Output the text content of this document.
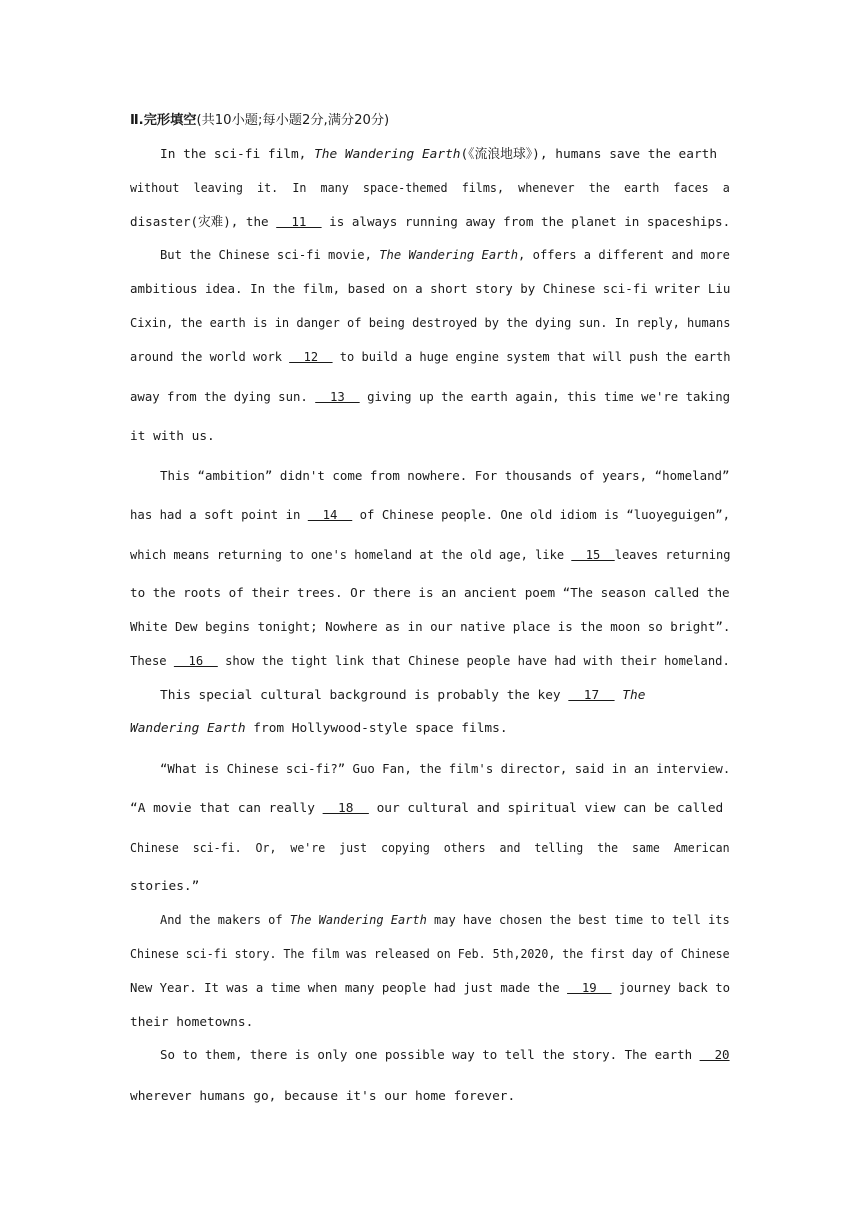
Ⅱ.完形填空(共10小题;每小题2分,满分20分)
In the sci-fi film, The Wandering Earth(《流浪地球》), humans save the earth
without  leaving  it.  In  many  space-themed  films,  whenever  the  earth  faces  a
disaster(灾难), the   11   is always running away from the planet in spaceships.
But the Chinese sci-fi movie, The Wandering Earth, offers a different and more
ambitious idea. In the film, based on a short story by Chinese sci-fi writer Liu
Cixin, the earth is in danger of being destroyed by the dying sun. In reply, humans
around the world work   12   to build a huge engine system that will push the earth
away from the dying sun.   13   giving up the earth again, this time we're taking
it with us.
This “ambition” didn't come from nowhere. For thousands of years, “homeland”
has had a soft point in   14   of Chinese people. One old idiom is “luoyeguigen”,
which means returning to one's homeland at the old age, like   15  leaves returning
to the roots of their trees. Or there is an ancient poem “The season called the
White Dew begins tonight; Nowhere as in our native place is the moon so bright”.
These   16   show the tight link that Chinese people have had with their homeland.
This special cultural background is probably the key   17   The
Wandering Earth from Hollywood-style space films.
“What is Chinese sci-fi?” Guo Fan, the film's director, said in an interview.
“A movie that can really   18   our cultural and spiritual view can be called
Chinese  sci-fi.  Or,  we're  just  copying  others  and  telling  the  same  American
stories.”
And the makers of The Wandering Earth may have chosen the best time to tell its
Chinese sci-fi story. The film was released on Feb. 5th,2020, the first day of Chinese
New Year. It was a time when many people had just made the   19   journey back to
their hometowns.
So to them, there is only one possible way to tell the story. The earth   20
wherever humans go, because it's our home forever.
